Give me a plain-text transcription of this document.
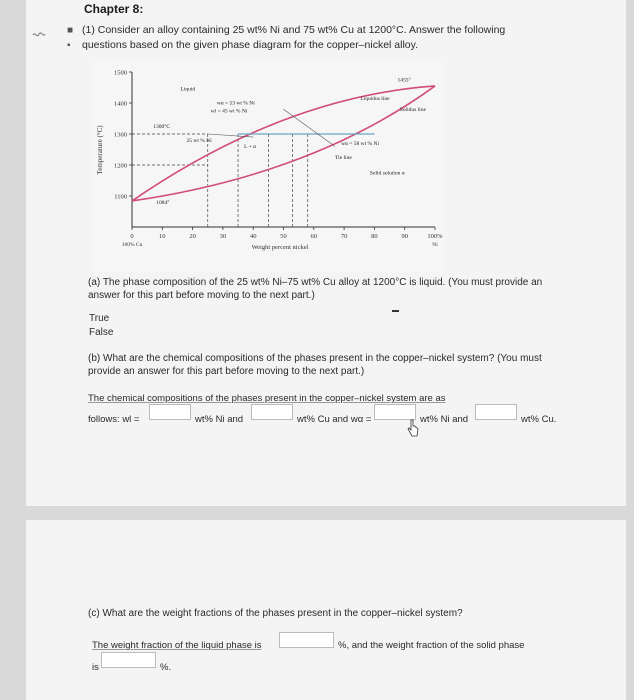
Chapter 8:
■
▪
(1) Consider an alloy containing 25 wt% Ni and 75 wt% Cu at 1200°C. Answer the following questions based on the given phase diagram for the copper–nickel alloy.
Temperature (°C)
Weight percent nickel
1100
1200
1300
1400
1500
0	10	20	30	40	50	60	70	80	90	100%
100% Cu	Ni
Liquid
Liquidus line
Solidus line
1455°
wα = 53 wt % Ni
wl = 45 wt % Ni
1300°C
25 wt % Ni
L + α
wα = 58 wt % Ni
Tie line
Solid solution α
1084°
(a) The phase composition of the 25 wt% Ni–75 wt% Cu alloy at 1200°C is liquid. (You must provide an answer for this part before moving to the next part.)
True
False
(b) What are the chemical compositions of the phases present in the copper–nickel system? (You must provide an answer for this part before moving to the next part.)
The chemical compositions of the phases present in the copper–nickel system are as
follows: wl =	wt% Ni and	wt% Cu and wα =	wt% Ni and	wt% Cu.
(c) What are the weight fractions of the phases present in the copper–nickel system?
The weight fraction of the liquid phase is	%, and the weight fraction of the solid phase
is	%.
